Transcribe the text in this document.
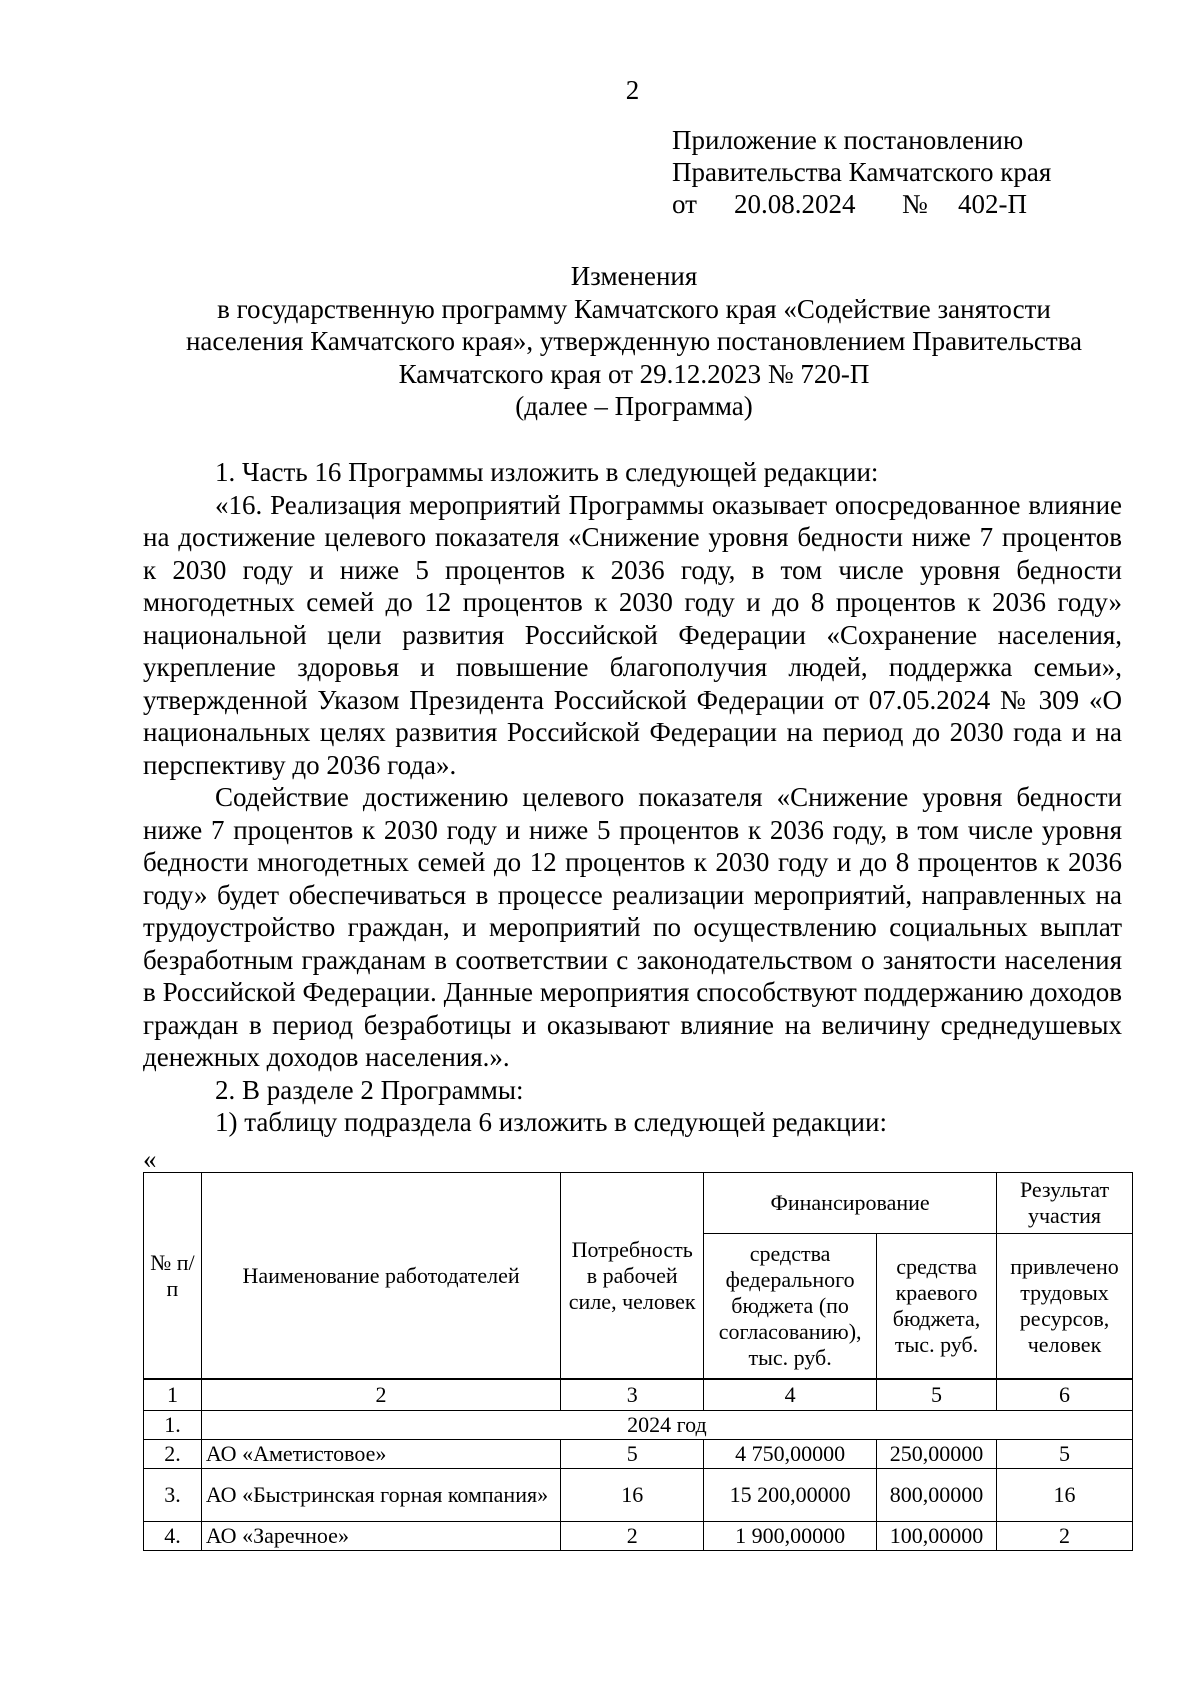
2
Приложение к постановлению
Правительства Камчатского края
от 20.08.2024 № 402-П
Изменения
в государственную программу Камчатского края «Содействие занятости
населения Камчатского края», утвержденную постановлением Правительства
Камчатского края от 29.12.2023 № 720-П
(далее – Программа)

1. Часть 16 Программы изложить в следующей редакции:

«16. Реализация мероприятий Программы оказывает опосредованное влияние на достижение целевого показателя «Снижение уровня бедности ниже 7 процентов к 2030 году и ниже 5 процентов к 2036 году, в том числе уровня бедности многодетных семей до 12 процентов к 2030 году и до 8 процентов к 2036 году» национальной цели развития Российской Федерации «Сохранение населения, укрепление здоровья и повышение благополучия людей, поддержка семьи», утвержденной Указом Президента Российской Федерации от 07.05.2024 № 309 «О национальных целях развития Российской Федерации на период до 2030 года и на перспективу до 2036 года».

Содействие достижению целевого показателя «Снижение уровня бедности ниже 7 процентов к 2030 году и ниже 5 процентов к 2036 году, в том числе уровня бедности многодетных семей до 12 процентов к 2030 году и до 8 процентов к 2036 году» будет обеспечиваться в процессе реализации мероприятий, направленных на трудоустройство граждан, и мероприятий по осуществлению социальных выплат безработным гражданам в соответствии с законодательством о занятости населения в Российской Федерации. Данные мероприятия способствуют поддержанию доходов граждан в период безработицы и оказывают влияние на величину среднедушевых денежных доходов населения.».

2. В разделе 2 Программы:

1) таблицу подраздела 6 изложить в следующей редакции:

«
№ п/п	Наименование работодателей	Потребность в рабочей силе, человек	Финансирование		Результат участия
			средства федерального бюджета (по согласованию), тыс. руб.	средства краевого бюджета, тыс. руб.	привлечено трудовых ресурсов, человек
1	2	3	4	5	6
1.	2024 год				
2.	АО «Аметистовое»	5	4 750,00000	250,00000	5
3.	АО «Быстринская горная компания»	16	15 200,00000	800,00000	16
4.	АО «Заречное»	2	1 900,00000	100,00000	2
